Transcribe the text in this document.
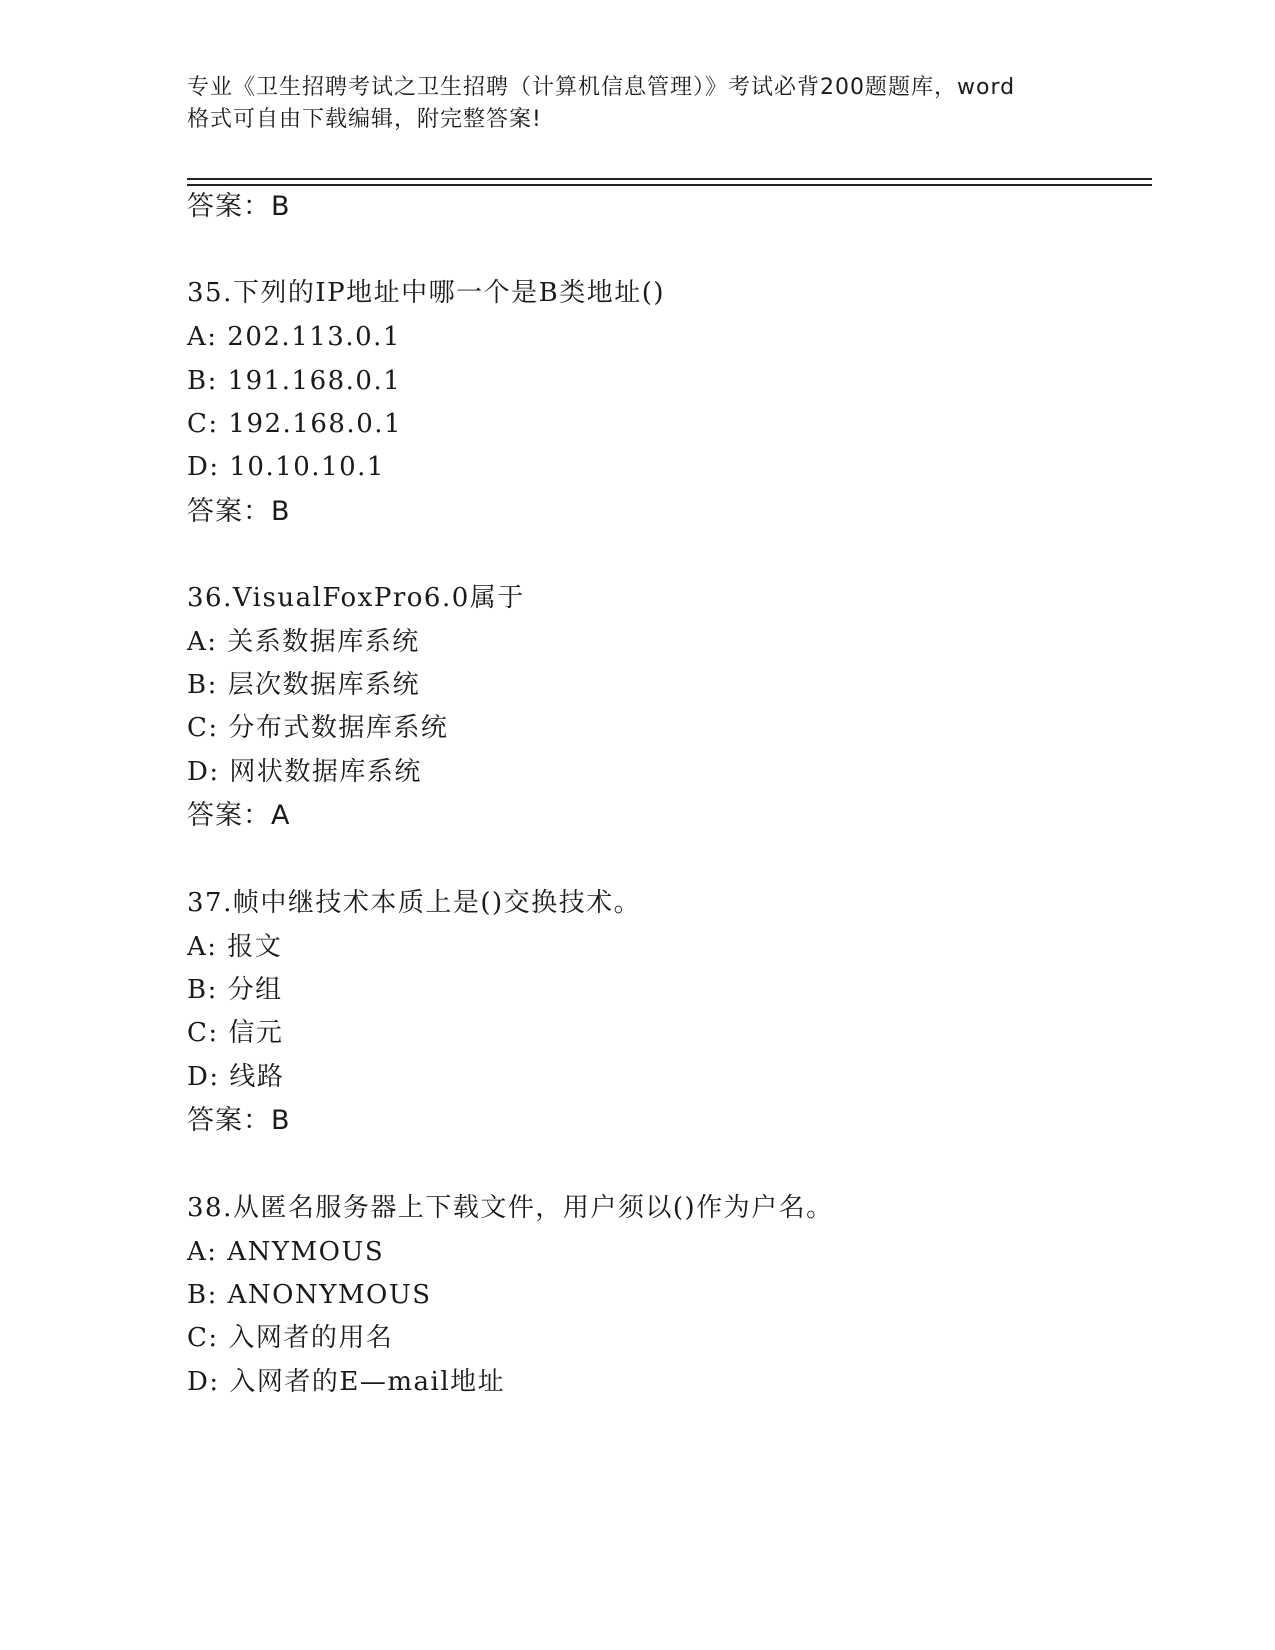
专业《卫生招聘考试之卫生招聘（计算机信息管理）》考试必背200题题库，word
格式可自由下载编辑，附完整答案!
答案：B
35.下列的IP地址中哪一个是B类地址()
A: 202.113.0.1
B: 191.168.0.1
C: 192.168.0.1
D: 10.10.10.1
答案：B
36.VisualFoxPro6.0属于
A: 关系数据库系统
B: 层次数据库系统
C: 分布式数据库系统
D: 网状数据库系统
答案：A
37.帧中继技术本质上是()交换技术。
A: 报文
B: 分组
C: 信元
D: 线路
答案：B
38.从匿名服务器上下载文件，用户须以()作为户名。
A: ANYMOUS
B: ANONYMOUS
C: 入网者的用名
D: 入网者的E—mail地址
